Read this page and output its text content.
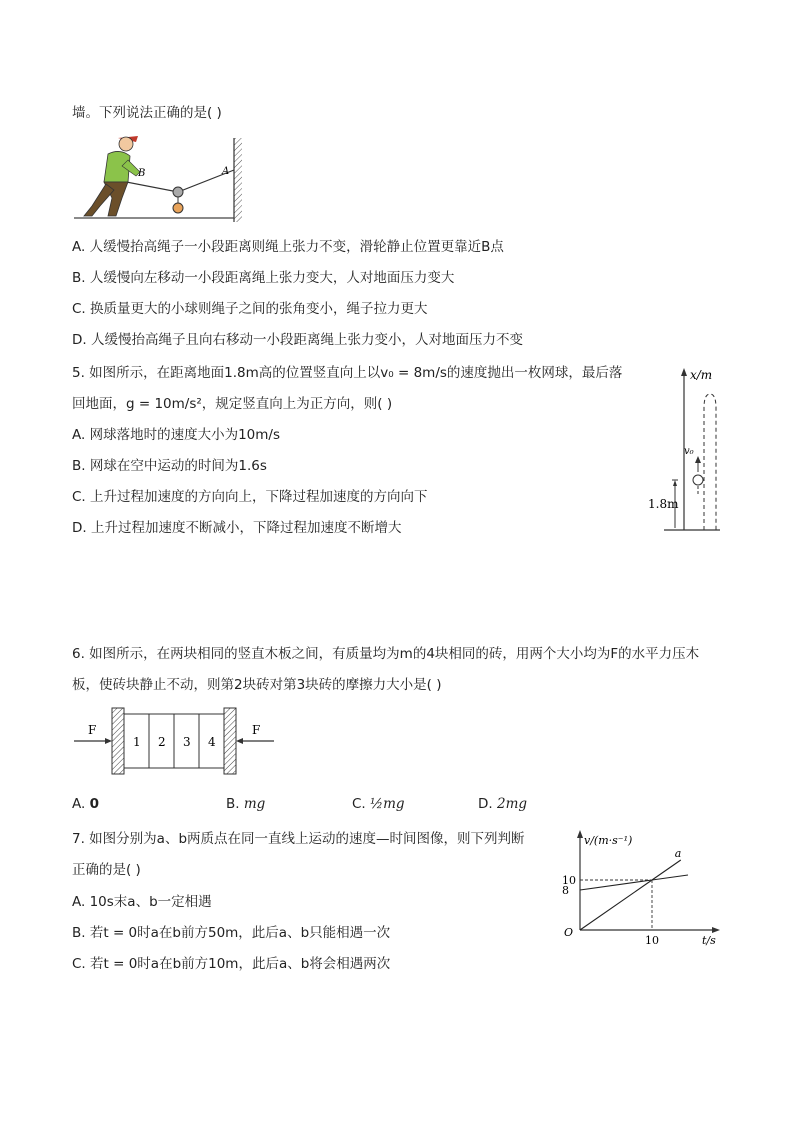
墙。下列说法正确的是( )
B	A
A. 人缓慢抬高绳子一小段距离则绳上张力不变，滑轮静止位置更靠近B点
B. 人缓慢向左移动一小段距离绳上张力变大，人对地面压力变大
C. 换质量更大的小球则绳子之间的张角变小，绳子拉力更大
D. 人缓慢抬高绳子且向右移动一小段距离绳上张力变小，人对地面压力不变
5. 如图所示，在距离地面1.8m高的位置竖直向上以v₀ = 8m/s的速度抛出一枚网球，最后落
回地面，g = 10m/s²，规定竖直向上为正方向，则( )
A. 网球落地时的速度大小为10m/s
B. 网球在空中运动的时间为1.6s
C. 上升过程加速度的方向向上，下降过程加速度的方向向下
D. 上升过程加速度不断减小，下降过程加速度不断增大
x/m
v₀
1.8m
6. 如图所示，在两块相同的竖直木板之间，有质量均为m的4块相同的砖，用两个大小均为F的水平力压木
板，使砖块静止不动，则第2块砖对第3块砖的摩擦力大小是( )
1 2 3 4
F	F
A. 0	B. mg	C. ½mg	D. 2mg
7. 如图分别为a、b两质点在同一直线上运动的速度—时间图像，则下列判断
正确的是( )
A. 10s末a、b一定相遇
B. 若t = 0时a在b前方50m，此后a、b只能相遇一次
C. 若t = 0时a在b前方10m，此后a、b将会相遇两次
v/(m·s⁻¹)
t/s
O
a
8
10
10
